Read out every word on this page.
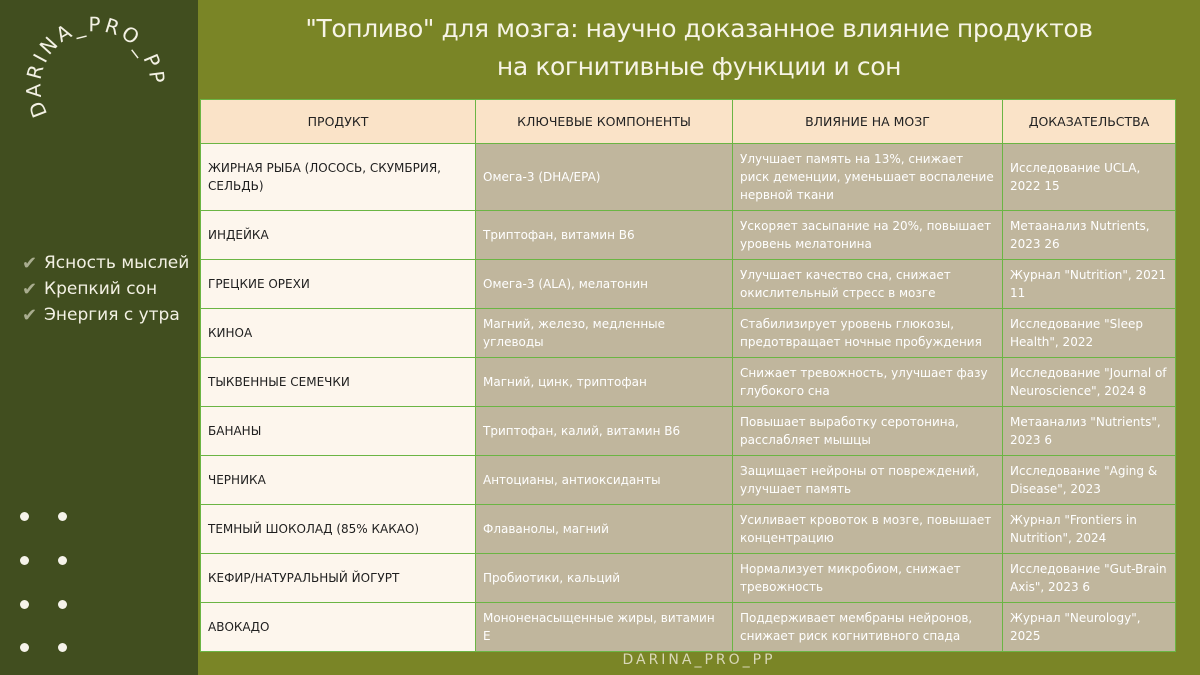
DARINA_PRO_PP
✔ Ясность мыслей
✔ Крепкий сон
✔ Энергия с утра
"Топливо" для мозга: научно доказанное влияние продуктов
на когнитивные функции и сон
ПРОДУКТ	КЛЮЧЕВЫЕ КОМПОНЕНТЫ	ВЛИЯНИЕ НА МОЗГ	ДОКАЗАТЕЛЬСТВА
ЖИРНАЯ РЫБА (ЛОСОСЬ, СКУМБРИЯ, СЕЛЬДЬ)	Омега-3 (DHA/EPA)	Улучшает память на 13%, снижает риск деменции, уменьшает воспаление нервной ткани	Исследование UCLA, 2022 15
ИНДЕЙКА	Триптофан, витамин B6	Ускоряет засыпание на 20%, повышает уровень мелатонина	Метаанализ Nutrients, 2023 26
ГРЕЦКИЕ ОРЕХИ	Омега-3 (ALA), мелатонин	Улучшает качество сна, снижает окислительный стресс в мозге	Журнал "Nutrition", 2021 11
КИНОА	Магний, железо, медленные углеводы	Стабилизирует уровень глюкозы, предотвращает ночные пробуждения	Исследование "Sleep Health", 2022
ТЫКВЕННЫЕ СЕМЕЧКИ	Магний, цинк, триптофан	Снижает тревожность, улучшает фазу глубокого сна	Исследование "Journal of Neuroscience", 2024 8
БАНАНЫ	Триптофан, калий, витамин B6	Повышает выработку серотонина, расслабляет мышцы	Метаанализ "Nutrients", 2023 6
ЧЕРНИКА	Антоцианы, антиоксиданты	Защищает нейроны от повреждений, улучшает память	Исследование "Aging & Disease", 2023
ТЕМНЫЙ ШОКОЛАД (85% КАКАО)	Флаванолы, магний	Усиливает кровоток в мозге, повышает концентрацию	Журнал "Frontiers in Nutrition", 2024
КЕФИР/НАТУРАЛЬНЫЙ ЙОГУРТ	Пробиотики, кальций	Нормализует микробиом, снижает тревожность	Исследование "Gut-Brain Axis", 2023 6
АВОКАДО	Мононенасыщенные жиры, витамин E	Поддерживает мембраны нейронов, снижает риск когнитивного спада	Журнал "Neurology", 2025
DARINA_PRO_PP
